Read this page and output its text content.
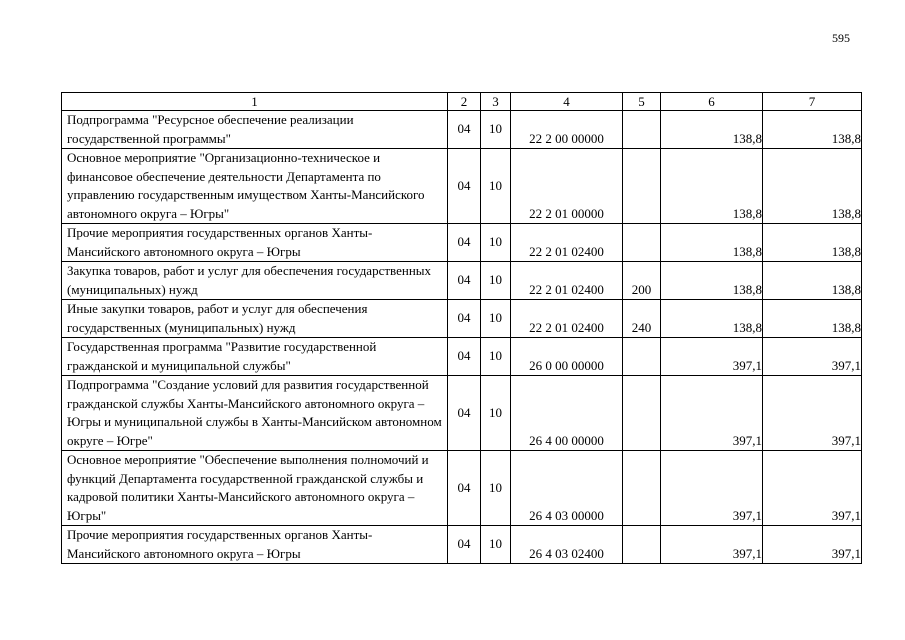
595
1	2	3	4	5	6	7
Подпрограмма "Ресурсное обеспечение реализации государственной программы"	04	10	22 2 00 00000		138,8	138,8
Основное мероприятие "Организационно-техническое и финансовое обеспечение деятельности Департамента по управлению государственным имуществом Ханты-Мансийского автономного округа – Югры"	04	10	22 2 01 00000		138,8	138,8
Прочие мероприятия государственных органов Ханты-Мансийского автономного округа – Югры	04	10	22 2 01 02400		138,8	138,8
Закупка товаров, работ и услуг для обеспечения государственных (муниципальных) нужд	04	10	22 2 01 02400	200	138,8	138,8
Иные закупки товаров, работ и услуг для обеспечения государственных (муниципальных) нужд	04	10	22 2 01 02400	240	138,8	138,8
Государственная программа "Развитие государственной гражданской и муниципальной службы"	04	10	26 0 00 00000		397,1	397,1
Подпрограмма "Создание условий для развития государственной гражданской службы Ханты-Мансийского автономного округа – Югры и муниципальной службы в Ханты-Мансийском автономном округе – Югре"	04	10	26 4 00 00000		397,1	397,1
Основное мероприятие "Обеспечение выполнения полномочий и функций Департамента государственной гражданской службы и кадровой политики Ханты-Мансийского автономного округа – Югры"	04	10	26 4 03 00000		397,1	397,1
Прочие мероприятия государственных органов Ханты-Мансийского автономного округа – Югры	04	10	26 4 03 02400		397,1	397,1
